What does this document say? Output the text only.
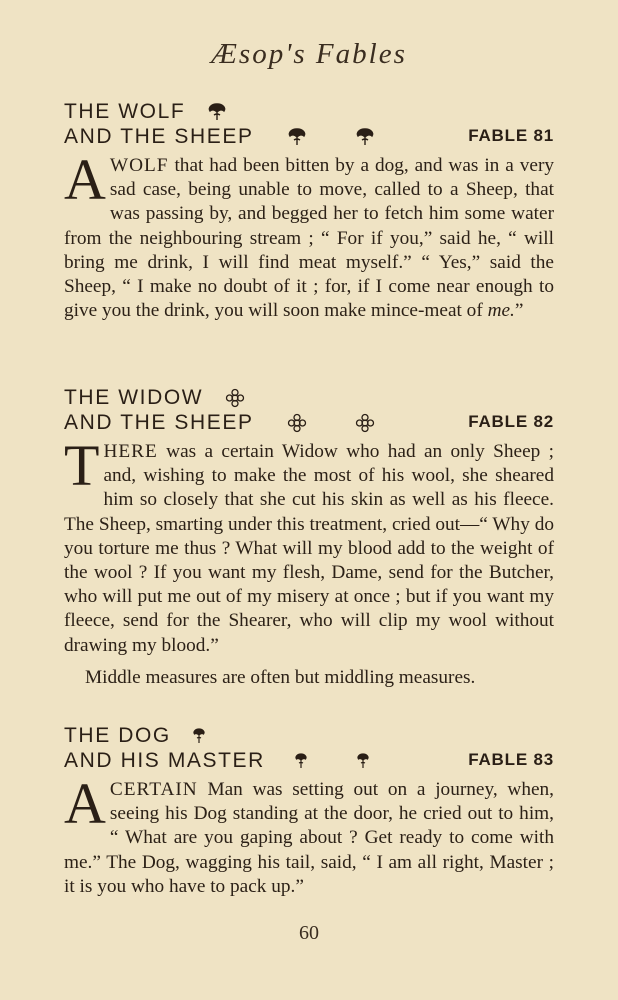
Æsop's Fables
THE WOLF
AND THE SHEEP
	FABLE 81
AWOLF that had been bitten by a dog, and was in a very sad case, being unable to move, called to a Sheep, that was passing by, and begged her to fetch him some water from the neighbouring stream ; “ For if you,” said he, “ will bring me drink, I will find meat myself.” “ Yes,” said the Sheep, “ I make no doubt of it ; for, if I come near enough to give you the drink, you will soon make mince-meat of me.”
THE WIDOW
AND THE SHEEP
	FABLE 82
THERE was a certain Widow who had an only Sheep ; and, wishing to make the most of his wool, she sheared him so closely that she cut his skin as well as his fleece. The Sheep, smarting under this treatment, cried out—“ Why do you torture me thus ? What will my blood add to the weight of the wool ? If you want my flesh, Dame, send for the Butcher, who will put me out of my misery at once ; but if you want my fleece, send for the Shearer, who will clip my wool without drawing my blood.”
Middle measures are often but middling measures.
THE DOG
AND HIS MASTER
	FABLE 83
ACERTAIN Man was setting out on a journey, when, seeing his Dog standing at the door, he cried out to him, “ What are you gaping about ? Get ready to come with me.” The Dog, wagging his tail, said, “ I am all right, Master ; it is you who have to pack up.”
60
